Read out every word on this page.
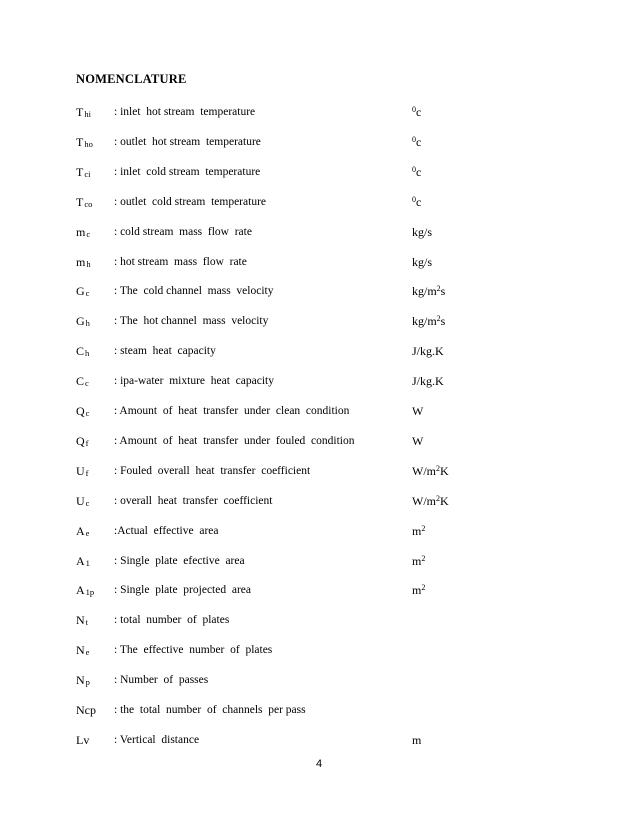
NOMENCLATURE
$T_{hi}$ : inlet  hot stream  temperature	$^0$c
$T_{ho}$ : outlet  hot stream  temperature	$^0$c
$T_{ci}$ : inlet  cold stream  temperature	$^0$c
$T_{co}$ : outlet  cold stream  temperature	$^0$c
$m_c$ : cold stream  mass  flow  rate	kg/s
$m_h$ : hot stream  mass  flow  rate	kg/s
$G_c$ : The  cold channel  mass  velocity	$kg/m^2s$
$G_h$ : The  hot channel  mass  velocity	$kg/m^2s$
$C_h$ : steam  heat  capacity	J/kg.K
$C_c$ : ipa-water  mixture  heat  capacity	J/kg.K
$Q_c$ : Amount  of  heat  transfer  under  clean  condition	W
$Q_f$ : Amount  of  heat  transfer  under  fouled  condition	W
$U_f$ : Fouled  overall  heat  transfer  coefficient	$W/m^2K$
$U_c$ : overall  heat  transfer  coefficient	$W/m^2K$
$A_e$ :Actual  effective  area	$m^2$
$A_1$ : Single  plate  efective  area	$m^2$
$A_{1p}$ : Single  plate  projected  area	$m^2$
$N_t$ : total  number  of  plates
$N_e$ : The  effective  number  of  plates
$N_p$ : Number  of  passes
Ncp : the  total  number  of  channels  per pass
Lv : Vertical  distance	m
4
